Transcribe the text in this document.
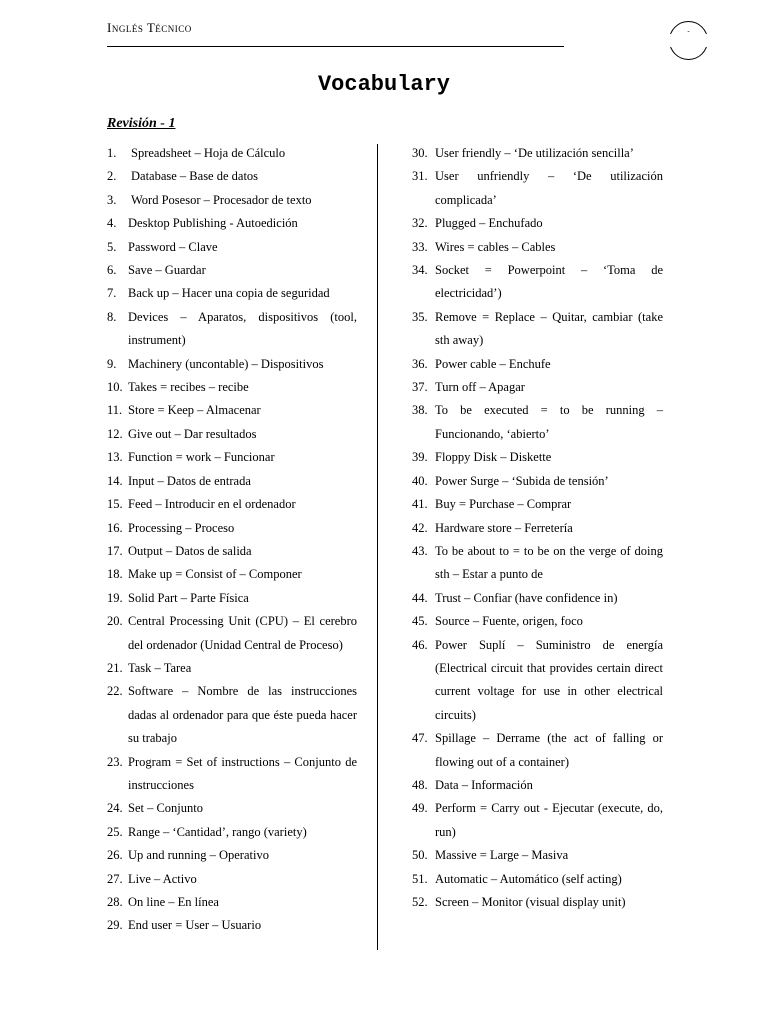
Inglés Técnico	-
Vocabulary
Revisión - 1
1.	Spreadsheet – Hoja de Cálculo
2.	Database – Base de datos
3.	Word Posesor – Procesador de texto
4. Desktop Publishing - Autoedición
5. Password – Clave
6. Save – Guardar
7. Back up – Hacer una copia de seguridad
8. Devices – Aparatos, dispositivos (tool, instrument)
9. Machinery (uncontable) – Dispositivos
10. Takes = recibes – recibe
11. Store = Keep – Almacenar
12. Give out – Dar resultados
13. Function = work – Funcionar
14. Input – Datos de entrada
15. Feed – Introducir en el ordenador
16. Processing – Proceso
17. Output – Datos de salida
18. Make up = Consist of – Componer
19. Solid Part – Parte Física
20. Central Processing Unit (CPU) – El cerebro del ordenador (Unidad Central de Proceso)
21. Task – Tarea
22. Software – Nombre de las instrucciones dadas al ordenador para que éste pueda hacer su trabajo
23. Program = Set of instructions – Conjunto de instrucciones
24. Set – Conjunto
25. Range – ‘Cantidad’, rango (variety)
26. Up and running – Operativo
27. Live – Activo
28. On line – En línea
29. End user = User – Usuario
30. User friendly – ‘De utilización sencilla’
31. User unfriendly – ‘De utilización complicada’
32. Plugged – Enchufado
33. Wires = cables – Cables
34. Socket = Powerpoint – ‘Toma de electricidad’)
35. Remove = Replace – Quitar, cambiar (take sth away)
36. Power cable – Enchufe
37. Turn off – Apagar
38. To be executed = to be running – Funcionando, ‘abierto’
39. Floppy Disk – Diskette
40. Power Surge – ‘Subida de tensión’
41. Buy = Purchase – Comprar
42. Hardware store – Ferretería
43. To be about to = to be on the verge of doing sth – Estar a punto de
44. Trust – Confiar (have confidence in)
45. Source – Fuente, origen, foco
46. Power Suplí – Suministro de energía (Electrical circuit that provides certain direct current voltage for use in other electrical circuits)
47. Spillage – Derrame (the act of falling or flowing out of a container)
48. Data – Información
49. Perform = Carry out - Ejecutar (execute, do, run)
50. Massive = Large – Masiva
51. Automatic – Automático (self acting)
52. Screen – Monitor (visual display unit)
